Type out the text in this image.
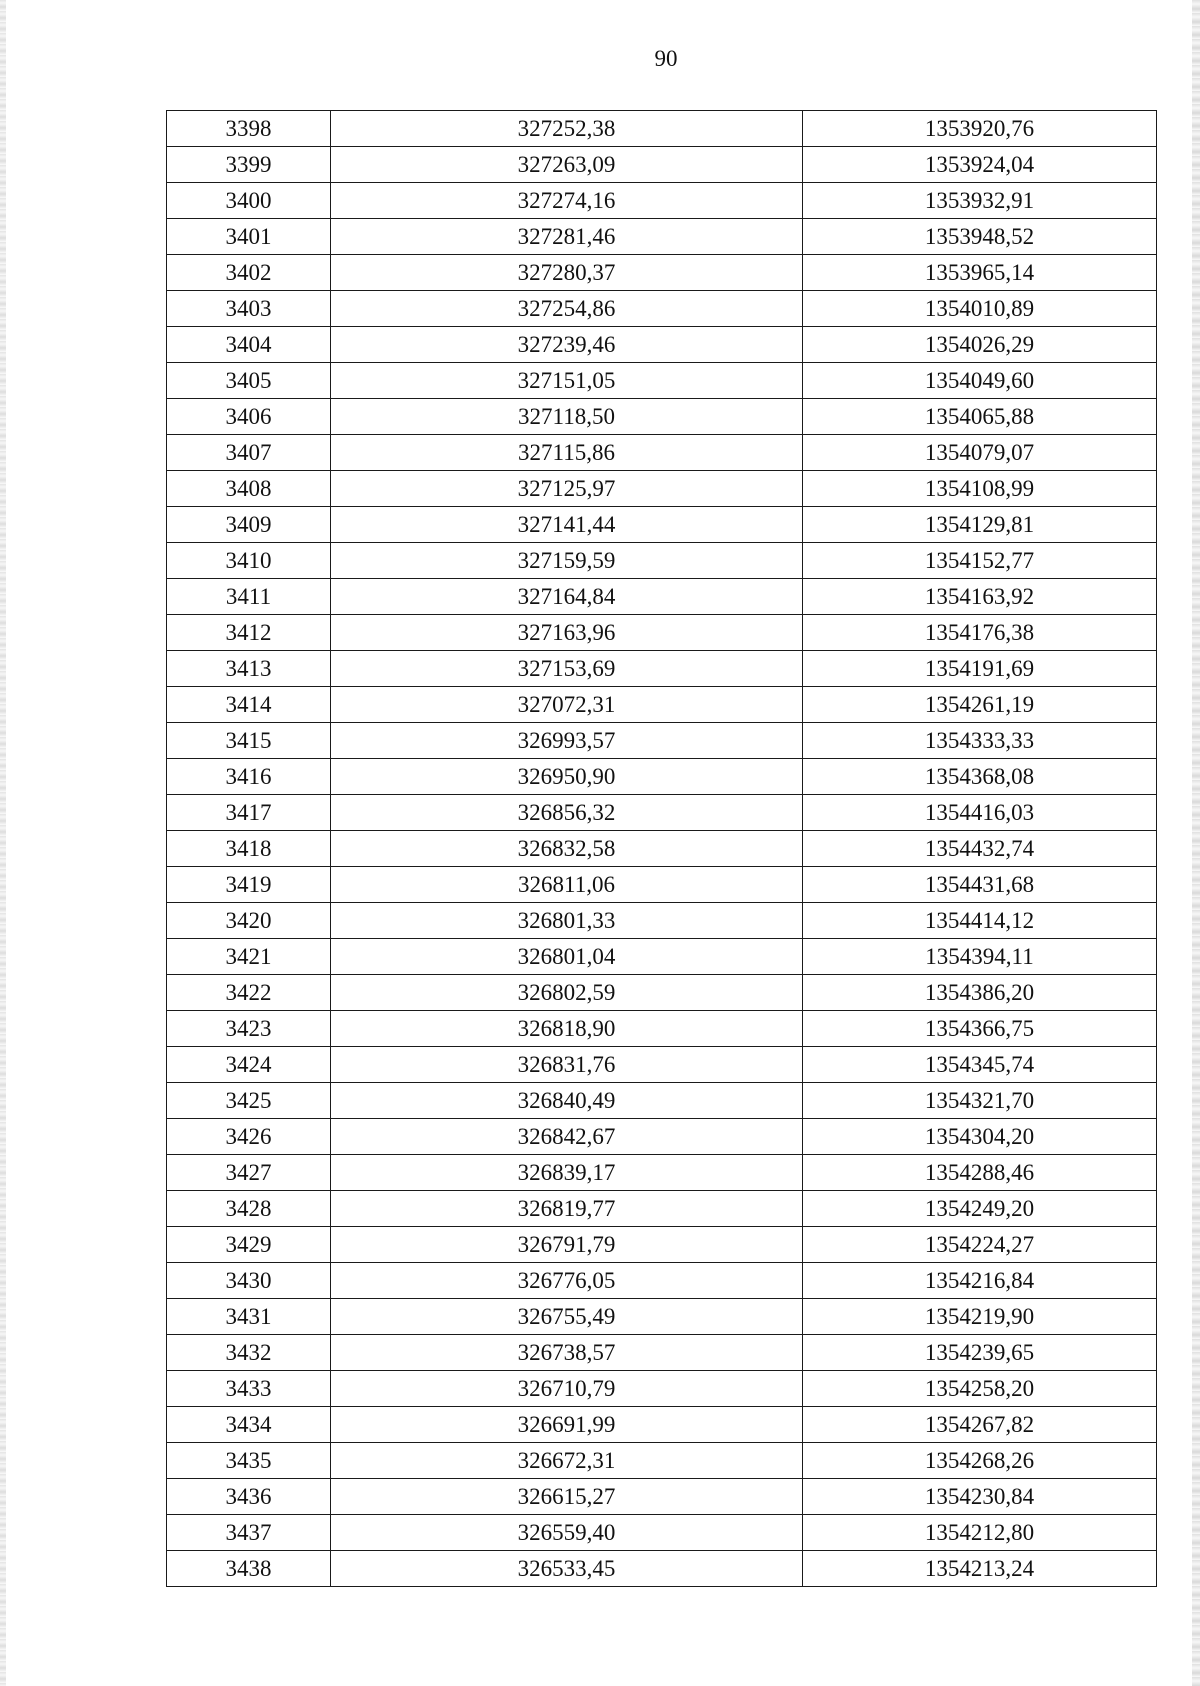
90
3398	327252,38	1353920,76
3399	327263,09	1353924,04
3400	327274,16	1353932,91
3401	327281,46	1353948,52
3402	327280,37	1353965,14
3403	327254,86	1354010,89
3404	327239,46	1354026,29
3405	327151,05	1354049,60
3406	327118,50	1354065,88
3407	327115,86	1354079,07
3408	327125,97	1354108,99
3409	327141,44	1354129,81
3410	327159,59	1354152,77
3411	327164,84	1354163,92
3412	327163,96	1354176,38
3413	327153,69	1354191,69
3414	327072,31	1354261,19
3415	326993,57	1354333,33
3416	326950,90	1354368,08
3417	326856,32	1354416,03
3418	326832,58	1354432,74
3419	326811,06	1354431,68
3420	326801,33	1354414,12
3421	326801,04	1354394,11
3422	326802,59	1354386,20
3423	326818,90	1354366,75
3424	326831,76	1354345,74
3425	326840,49	1354321,70
3426	326842,67	1354304,20
3427	326839,17	1354288,46
3428	326819,77	1354249,20
3429	326791,79	1354224,27
3430	326776,05	1354216,84
3431	326755,49	1354219,90
3432	326738,57	1354239,65
3433	326710,79	1354258,20
3434	326691,99	1354267,82
3435	326672,31	1354268,26
3436	326615,27	1354230,84
3437	326559,40	1354212,80
3438	326533,45	1354213,24
